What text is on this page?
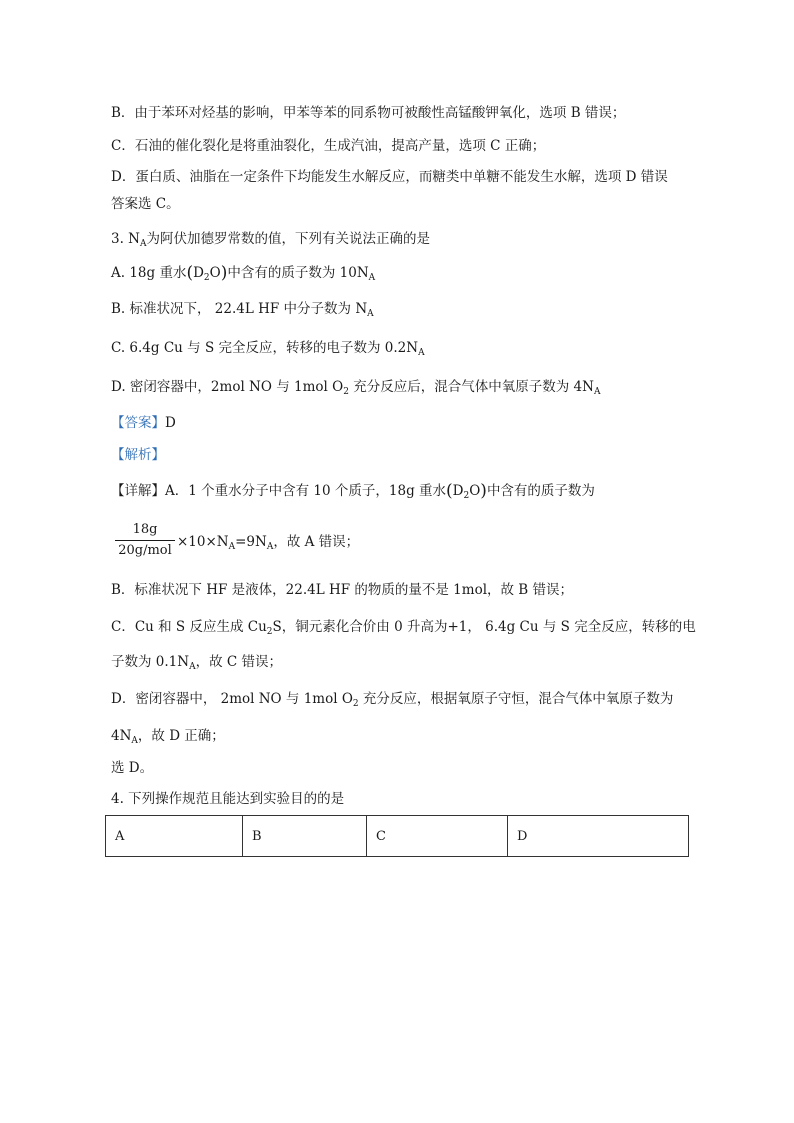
B．由于苯环对烃基的影响，甲苯等苯的同系物可被酸性高锰酸钾氧化，选项 B 错误；
C．石油的催化裂化是将重油裂化，生成汽油，提高产量，选项 C 正确；
D．蛋白质、油脂在一定条件下均能发生水解反应，而糖类中单糖不能发生水解，选项 D 错误
答案选 C。
3. $N_A$为阿伏加德罗常数的值，下列有关说法正确的是
A. 18g 重水$(D_2O)$中含有的质子数为 $10N_A$
B. 标准状况下， 22.4L HF 中分子数为 $N_A$
C. 6.4g Cu 与 S 完全反应，转移的电子数为 $0.2N_A$
D. 密闭容器中，2mol NO 与 1mol $O_2$ 充分反应后，混合气体中氧原子数为 $4N_A$
【答案】D
【解析】
【详解】A．1 个重水分子中含有 10 个质子，18g 重水$(D_2O)$中含有的质子数为
18g
20g/mol
$\times 10\times N_A=9N_A$，故 A 错误；
B．标准状况下 HF 是液体，22.4L HF 的物质的量不是 1mol，故 B 错误；
C．Cu 和 S 反应生成 $Cu_2S$，铜元素化合价由 0 升高为+1， 6.4g Cu 与 S 完全反应，转移的电
子数为 $0.1N_A$，故 C 错误；
D．密闭容器中， 2mol NO 与 1mol $O_2$ 充分反应，根据氧原子守恒，混合气体中氧原子数为
$4N_A$，故 D 正确；
选 D。
4. 下列操作规范且能达到实验目的的是
A	B	C	D
